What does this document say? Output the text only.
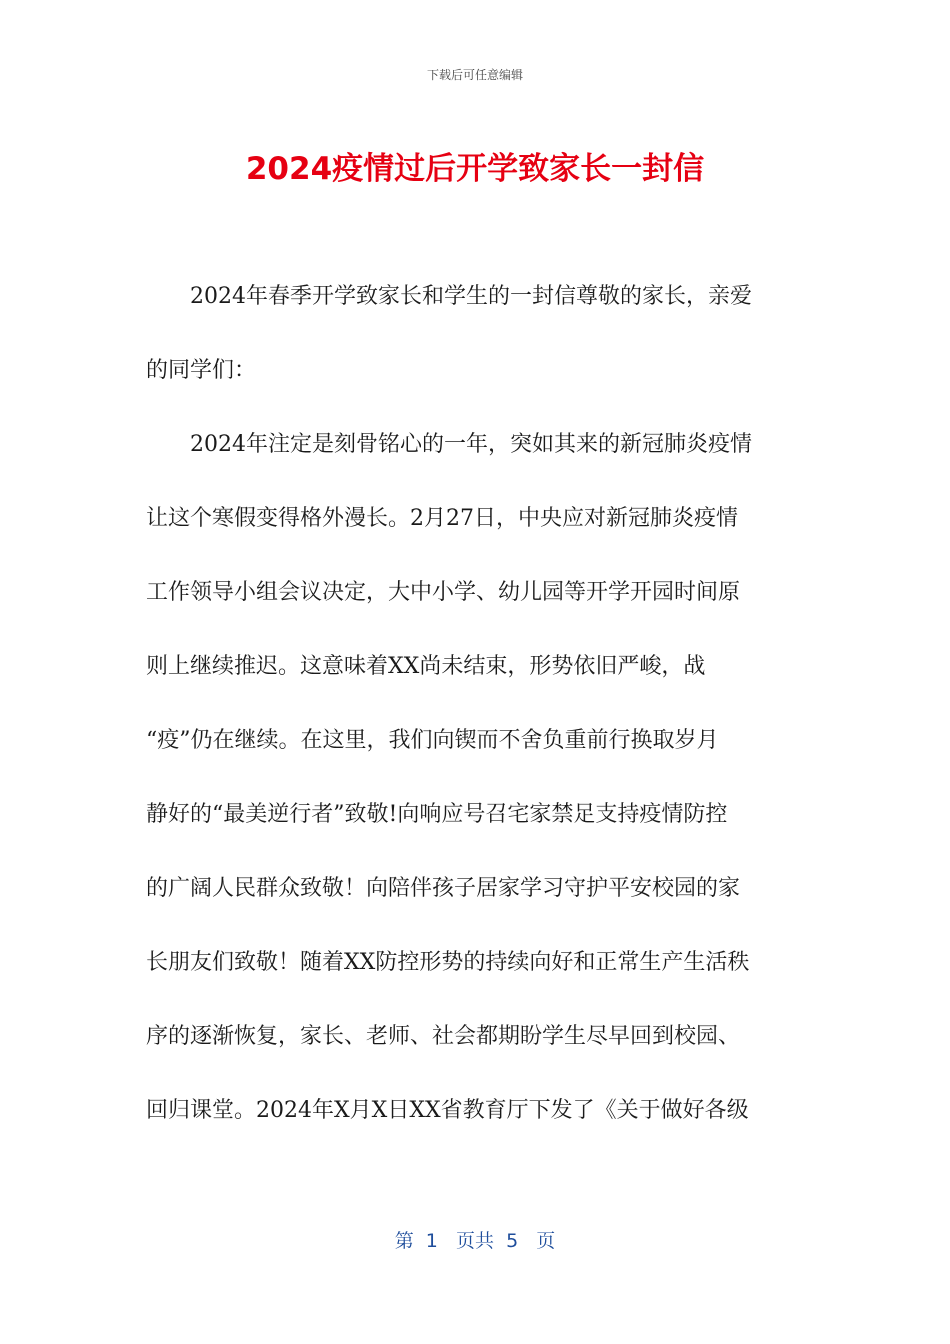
下载后可任意编辑
2024疫情过后开学致家长一封信
2024年春季开学致家长和学生的一封信尊敬的家长，亲爱
的同学们：
2024年注定是刻骨铭心的一年，突如其来的新冠肺炎疫情
让这个寒假变得格外漫长。2月27日，中央应对新冠肺炎疫情
工作领导小组会议决定，大中小学、幼儿园等开学开园时间原
则上继续推迟。这意味着XX尚未结束，形势依旧严峻，战
“疫”仍在继续。在这里，我们向锲而不舍负重前行换取岁月
静好的“最美逆行者”致敬!向响应号召宅家禁足支持疫情防控
的广阔人民群众致敬！向陪伴孩子居家学习守护平安校园的家
长朋友们致敬！随着XX防控形势的持续向好和正常生产生活秩
序的逐渐恢复，家长、老师、社会都期盼学生尽早回到校园、
回归课堂。2024年X月X日XX省教育厅下发了《关于做好各级
第  1   页共  5   页
